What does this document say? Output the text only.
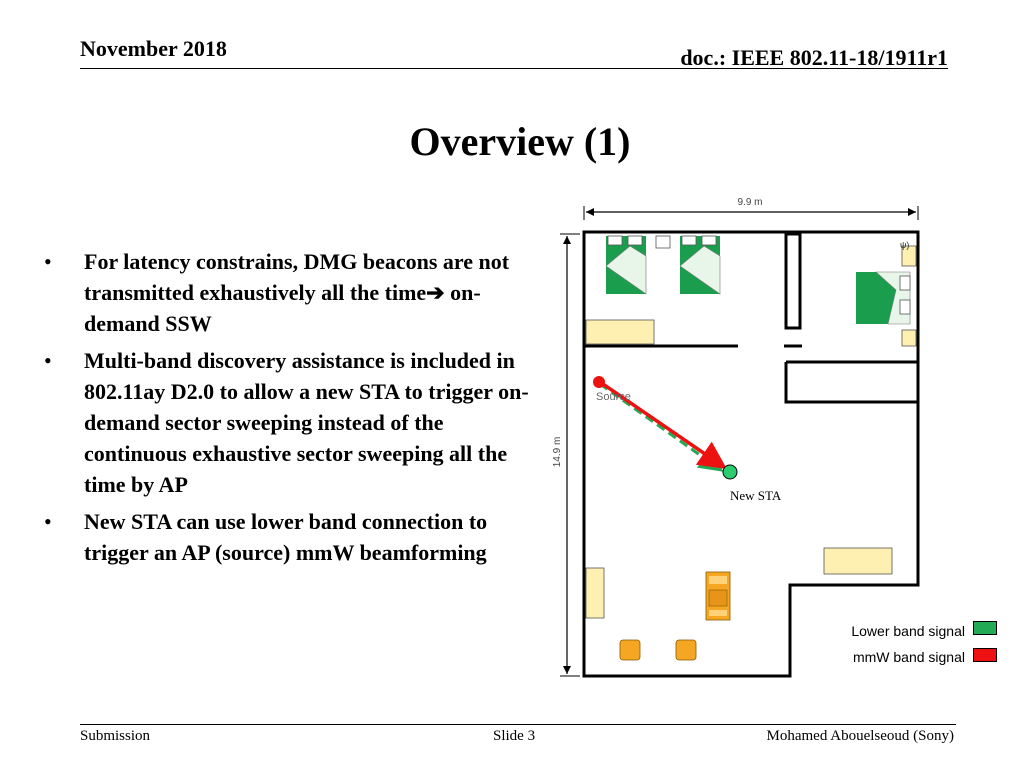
November 2018	doc.: IEEE 802.11-18/1911r1
Overview (1)
• For latency constrains, DMG beacons are not transmitted exhaustively all the time➔ on-demand SSW
• Multi-band discovery assistance is included in 802.11ay D2.0 to allow a new STA to trigger on-demand sector sweeping instead of the continuous exhaustive sector sweeping all the time by AP
• New STA can use lower band connection to trigger an AP (source) mmW beamforming
9.9 m
14.9 m
ψ)
Source
New STA
Lower band signal
mmW band signal
Submission	Slide 3	Mohamed Abouelseoud (Sony)
